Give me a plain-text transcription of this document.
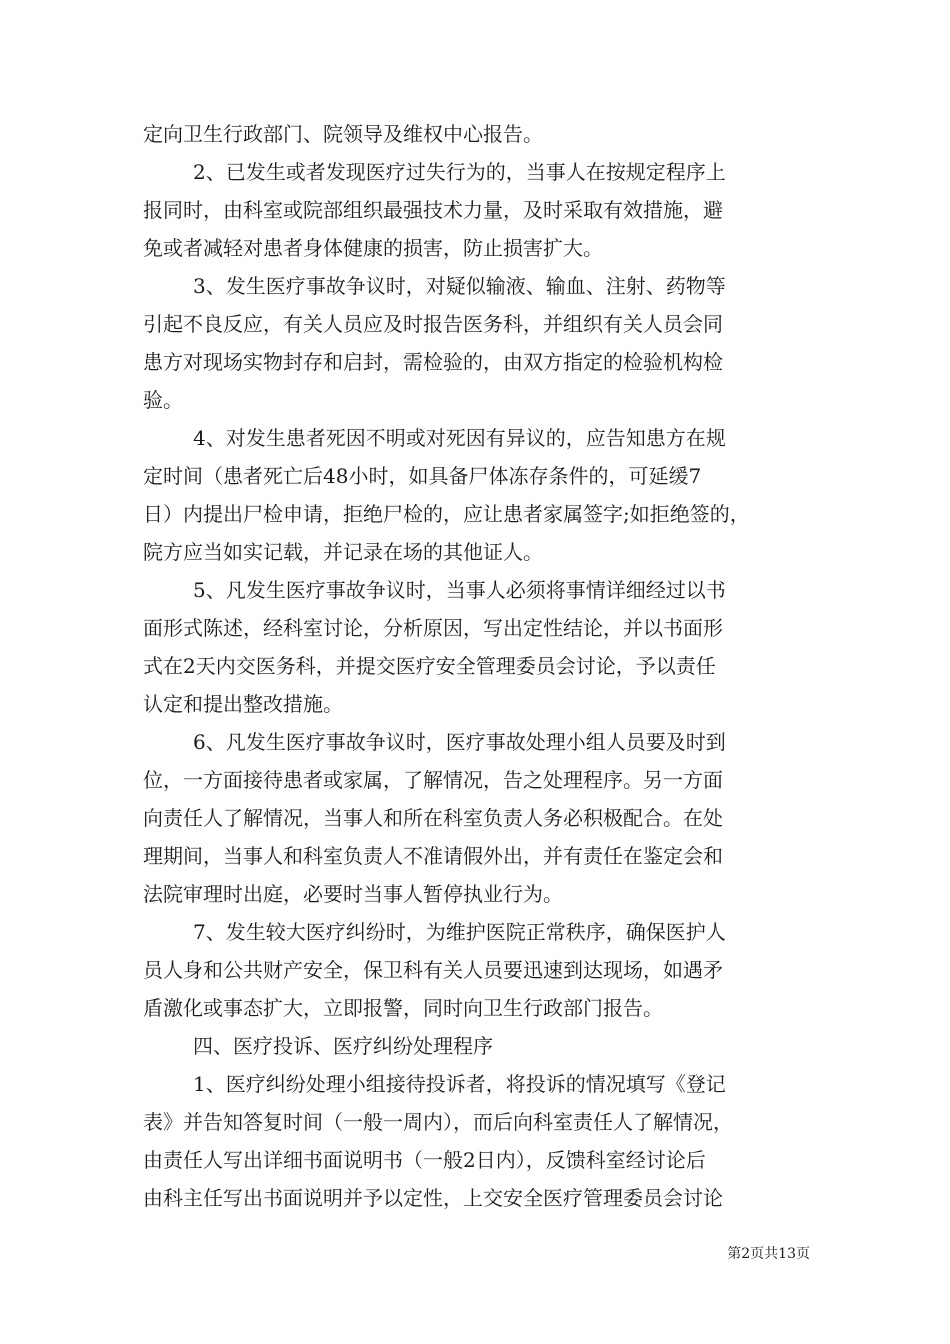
定向卫生行政部门、院领导及维权中心报告。
2、已发生或者发现医疗过失行为的，当事人在按规定程序上
报同时，由科室或院部组织最强技术力量，及时采取有效措施，避
免或者减轻对患者身体健康的损害，防止损害扩大。
3、发生医疗事故争议时，对疑似输液、输血、注射、药物等
引起不良反应，有关人员应及时报告医务科，并组织有关人员会同
患方对现场实物封存和启封，需检验的，由双方指定的检验机构检
验。
4、对发生患者死因不明或对死因有异议的，应告知患方在规
定时间（患者死亡后48小时，如具备尸体冻存条件的，可延缓7
日）内提出尸检申请，拒绝尸检的，应让患者家属签字;如拒绝签的，
院方应当如实记载，并记录在场的其他证人。
5、凡发生医疗事故争议时，当事人必须将事情详细经过以书
面形式陈述，经科室讨论，分析原因，写出定性结论，并以书面形
式在2天内交医务科，并提交医疗安全管理委员会讨论，予以责任
认定和提出整改措施。
6、凡发生医疗事故争议时，医疗事故处理小组人员要及时到
位，一方面接待患者或家属，了解情况，告之处理程序。另一方面
向责任人了解情况，当事人和所在科室负责人务必积极配合。在处
理期间，当事人和科室负责人不准请假外出，并有责任在鉴定会和
法院审理时出庭，必要时当事人暂停执业行为。
7、发生较大医疗纠纷时，为维护医院正常秩序，确保医护人
员人身和公共财产安全，保卫科有关人员要迅速到达现场，如遇矛
盾激化或事态扩大，立即报警，同时向卫生行政部门报告。
四、医疗投诉、医疗纠纷处理程序
1、医疗纠纷处理小组接待投诉者，将投诉的情况填写《登记
表》并告知答复时间（一般一周内），而后向科室责任人了解情况，
由责任人写出详细书面说明书（一般2日内），反馈科室经讨论后
由科主任写出书面说明并予以定性，上交安全医疗管理委员会讨论
第2页共13页
